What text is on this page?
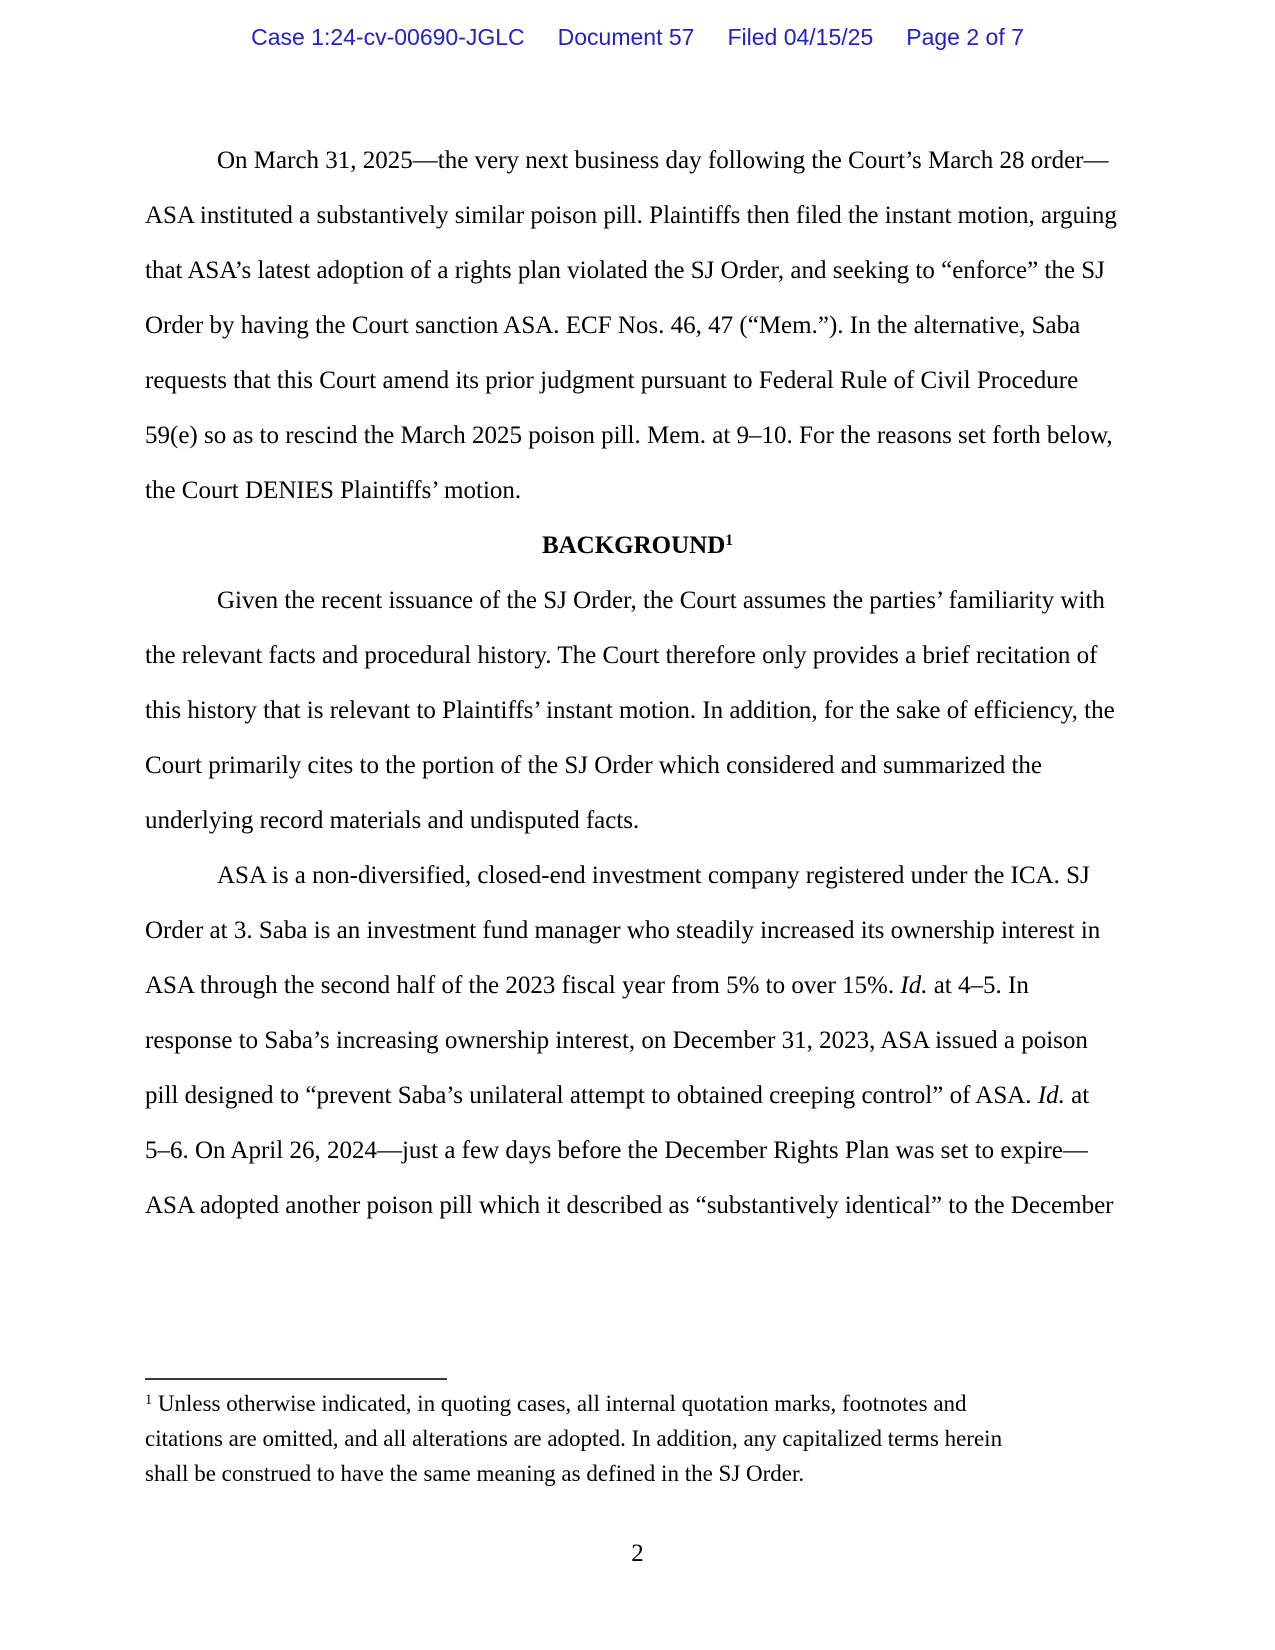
Case 1:24-cv-00690-JGLC Document 57 Filed 04/15/25 Page 2 of 7
On March 31, 2025—the very next business day following the Court’s March 28 order—
ASA instituted a substantively similar poison pill. Plaintiffs then filed the instant motion, arguing
that ASA’s latest adoption of a rights plan violated the SJ Order, and seeking to “enforce” the SJ
Order by having the Court sanction ASA. ECF Nos. 46, 47 (“Mem.”). In the alternative, Saba
requests that this Court amend its prior judgment pursuant to Federal Rule of Civil Procedure
59(e) so as to rescind the March 2025 poison pill. Mem. at 9–10. For the reasons set forth below,
the Court DENIES Plaintiffs’ motion.
BACKGROUND$^1$
Given the recent issuance of the SJ Order, the Court assumes the parties’ familiarity with
the relevant facts and procedural history. The Court therefore only provides a brief recitation of
this history that is relevant to Plaintiffs’ instant motion. In addition, for the sake of efficiency, the
Court primarily cites to the portion of the SJ Order which considered and summarized the
underlying record materials and undisputed facts.
ASA is a non-diversified, closed-end investment company registered under the ICA. SJ
Order at 3. Saba is an investment fund manager who steadily increased its ownership interest in
ASA through the second half of the 2023 fiscal year from 5% to over 15%. Id. at 4–5. In
response to Saba’s increasing ownership interest, on December 31, 2023, ASA issued a poison
pill designed to “prevent Saba’s unilateral attempt to obtained creeping control” of ASA. Id. at
5–6. On April 26, 2024—just a few days before the December Rights Plan was set to expire—
ASA adopted another poison pill which it described as “substantively identical” to the December
$^1$ Unless otherwise indicated, in quoting cases, all internal quotation marks, footnotes and
citations are omitted, and all alterations are adopted. In addition, any capitalized terms herein
shall be construed to have the same meaning as defined in the SJ Order.
2
